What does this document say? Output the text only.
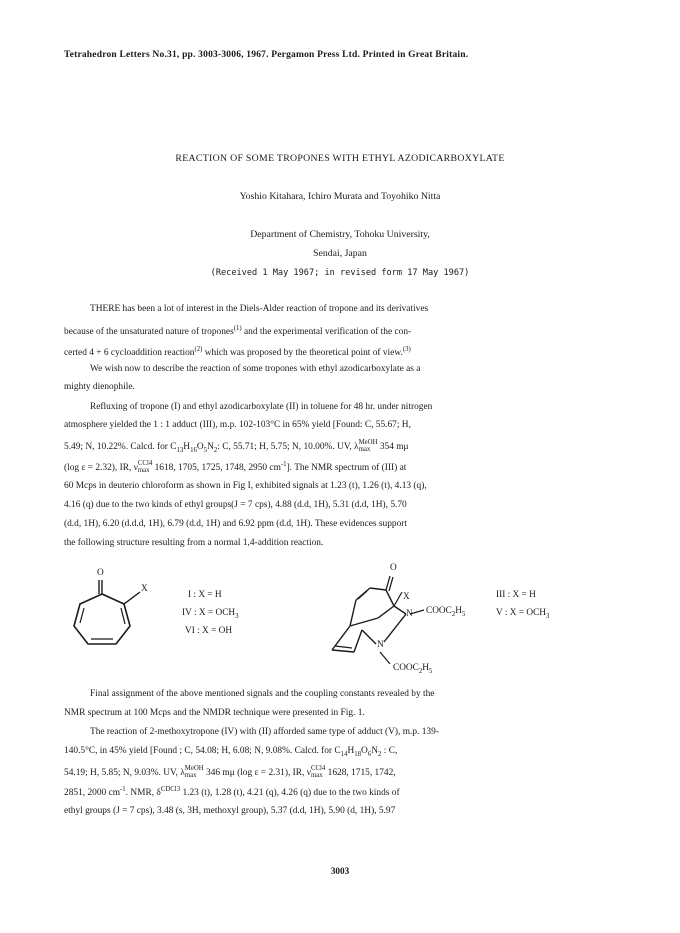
Tetrahedron Letters No.31, pp. 3003-3006, 1967. Pergamon Press Ltd. Printed in Great Britain.
REACTION OF SOME TROPONES WITH ETHYL AZODICARBOXYLATE
Yoshio Kitahara, Ichiro Murata and Toyohiko Nitta
Department of Chemistry, Tohoku University,
Sendai, Japan
(Received 1 May 1967; in revised form 17 May 1967)
THERE has been a lot of interest in the Diels-Alder reaction of tropone and its derivatives
because of the unsaturated nature of tropones$^{(1)}$ and the experimental verification of the con-
certed 4 + 6 cycloaddition reaction$^{(2)}$ which was proposed by the theoretical point of view.$^{(3)}$
We wish now to describe the reaction of some tropones with ethyl azodicarboxylate as a
mighty dienophile.
Refluxing of tropone (I) and ethyl azodicarboxylate (II) in toluene for 48 hr. under nitrogen
atmosphere yielded the 1 : 1 adduct (III), m.p. 102-103°C in 65% yield [Found: C, 55.67; H,
5.49; N, 10.22%. Calcd. for $C_{13}H_{16}O_5N_2$: C, 55.71; H, 5.75; N, 10.00%. UV, λ MeOH
max 354 mμ
(log ε = 2.32), IR, ν CCl4
max 1618, 1705, 1725, 1748, 2950 $cm^{-1}$]. The NMR spectrum of (III) at
60 Mcps in deuterio chloroform as shown in Fig I, exhibited signals at 1.23 (t), 1.26 (t), 4.13 (q),
4.16 (q) due to the two kinds of ethyl groups(J = 7 cps), 4.88 (d.d, 1H), 5.31 (d.d, 1H), 5.70
(d.d, 1H), 6.20 (d.d.d, 1H), 6.79 (d.d, 1H) and 6.92 ppm (d.d, 1H). These evidences support
the following structure resulting from a normal 1,4-addition reaction.
O
X
I : X = H
IV : $X = OCH_3$
VI : X = OH
O
X
N $COOC_2H_5$
N
$COOC_2H_5$
III : X = H
V : $X = OCH_3$
Final assignment of the above mentioned signals and the coupling constants revealed by the
NMR spectrum at 100 Mcps and the NMDR technique were presented in Fig. 1.
The reaction of 2-methoxytropone (IV) with (II) afforded same type of adduct (V), m.p. 139-
140.5°C, in 45% yield [Found ; C, 54.08; H, 6.08; N, 9.08%. Calcd. for $C_{14}H_{18}O_6N_2$ : C,
54.19; H, 5.85; N, 9.03%. UV, λ MeOH
max 346 mμ (log ε = 2.31), IR, ν CCl4
max 1628, 1715, 1742,
2851, 2000 $cm^{-1}$. NMR, $\delta^{CDCl3}$ 1.23 (t), 1.28 (t), 4.21 (q), 4.26 (q) due to the two kinds of
ethyl groups (J = 7 cps), 3.48 (s, 3H, methoxyl group), 5.37 (d.d, 1H), 5.90 (d, 1H), 5.97
3003
